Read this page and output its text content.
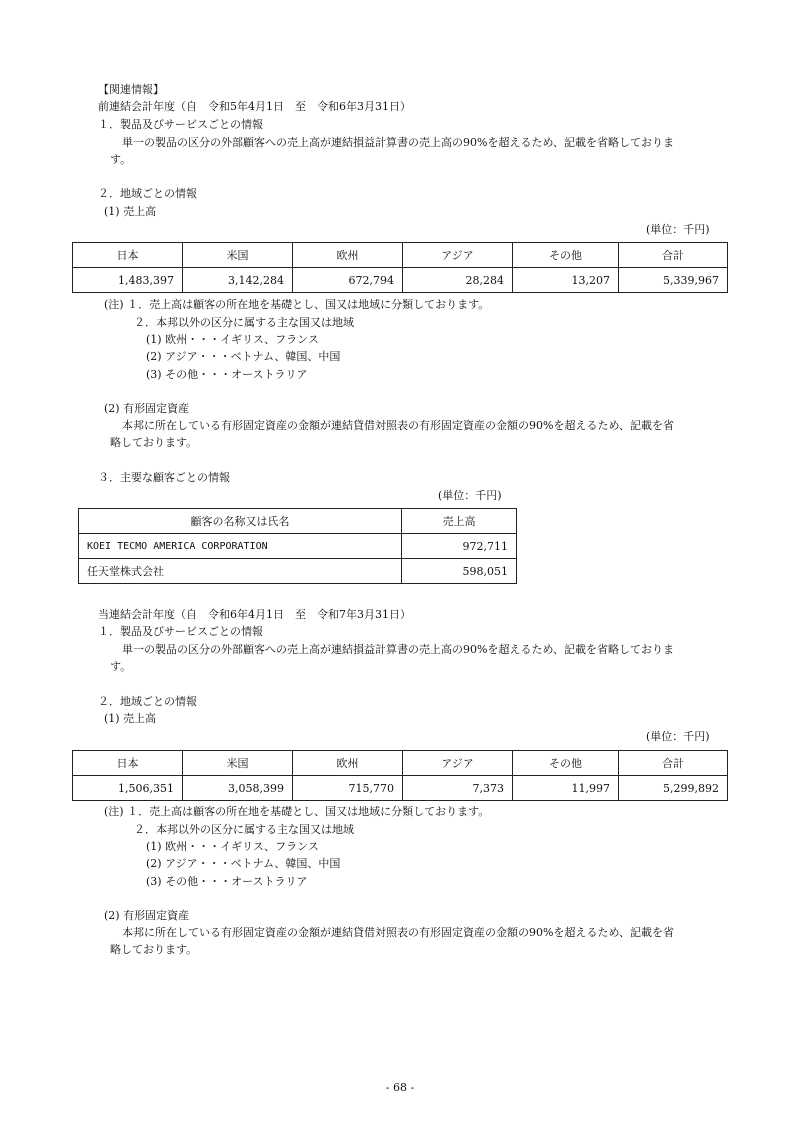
【関連情報】
前連結会計年度（自　令和5年4月1日　至　令和6年3月31日）
１．製品及びサービスごとの情報
単一の製品の区分の外部顧客への売上高が連結損益計算書の売上高の90%を超えるため、記載を省略しておりま
す。
２．地域ごとの情報
(1) 売上高
(単位：千円)
日本	米国	欧州	アジア	その他	合計
1,483,397	3,142,284	672,794	28,284	13,207	5,339,967
(注) １．売上高は顧客の所在地を基礎とし、国又は地域に分類しております。
２．本邦以外の区分に属する主な国又は地域
(1) 欧州・・・イギリス、フランス
(2) アジア・・・ベトナム、韓国、中国
(3) その他・・・オーストラリア
(2) 有形固定資産
本邦に所在している有形固定資産の金額が連結貸借対照表の有形固定資産の金額の90%を超えるため、記載を省
略しております。
３．主要な顧客ごとの情報
(単位：千円)
顧客の名称又は氏名	売上高
KOEI TECMO AMERICA CORPORATION	972,711
任天堂株式会社	598,051
当連結会計年度（自　令和6年4月1日　至　令和7年3月31日）
１．製品及びサービスごとの情報
単一の製品の区分の外部顧客への売上高が連結損益計算書の売上高の90%を超えるため、記載を省略しておりま
す。
２．地域ごとの情報
(1) 売上高
(単位：千円)
日本	米国	欧州	アジア	その他	合計
1,506,351	3,058,399	715,770	7,373	11,997	5,299,892
(注) １．売上高は顧客の所在地を基礎とし、国又は地域に分類しております。
２．本邦以外の区分に属する主な国又は地域
(1) 欧州・・・イギリス、フランス
(2) アジア・・・ベトナム、韓国、中国
(3) その他・・・オーストラリア
(2) 有形固定資産
本邦に所在している有形固定資産の金額が連結貸借対照表の有形固定資産の金額の90%を超えるため、記載を省
略しております。
- 68 -
